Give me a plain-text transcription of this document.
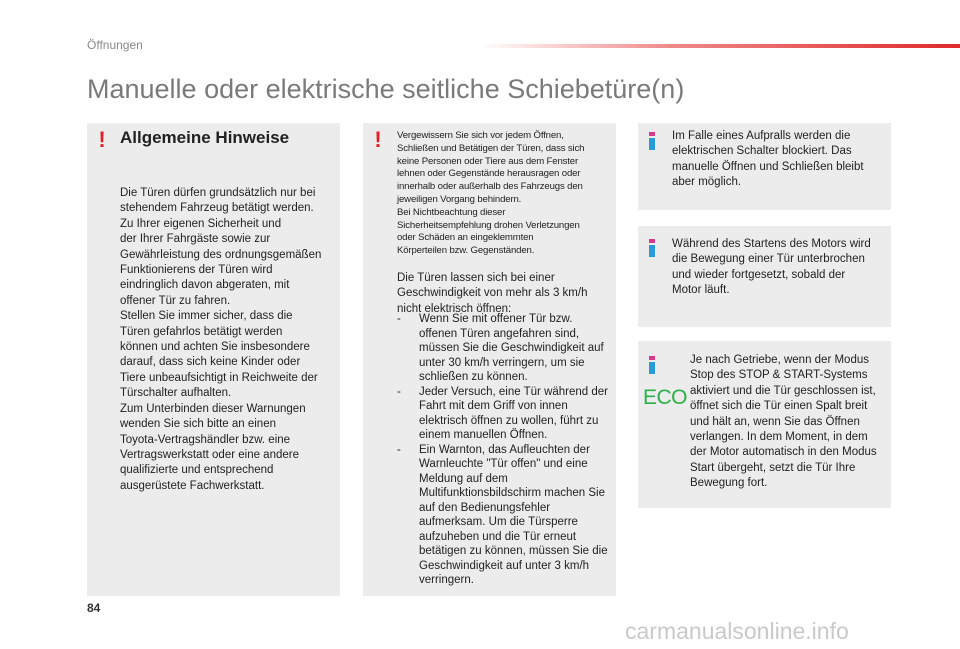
Öffnungen
Manuelle oder elektrische seitliche Schiebetüre(n)
! Allgemeine Hinweise

Die Türen dürfen grundsätzlich nur bei
stehendem Fahrzeug betätigt werden.
Zu Ihrer eigenen Sicherheit und
der Ihrer Fahrgäste sowie zur
Gewährleistung des ordnungsgemäßen
Funktionierens der Türen wird
eindringlich davon abgeraten, mit
offener Tür zu fahren.
Stellen Sie immer sicher, dass die
Türen gefahrlos betätigt werden
können und achten Sie insbesondere
darauf, dass sich keine Kinder oder
Tiere unbeaufsichtigt in Reichweite der
Türschalter aufhalten.
Zum Unterbinden dieser Warnungen
wenden Sie sich bitte an einen
Toyota-Vertragshändler bzw. eine
Vertragswerkstatt oder eine andere
qualifizierte und entsprechend
ausgerüstete Fachwerkstatt.

! Vergewissern Sie sich vor jedem Öffnen,
Schließen und Betätigen der Türen, dass sich
keine Personen oder Tiere aus dem Fenster
lehnen oder Gegenstände herausragen oder
innerhalb oder außerhalb des Fahrzeugs den
jeweiligen Vorgang behindern.
Bei Nichtbeachtung dieser
Sicherheitsempfehlung drohen Verletzungen
oder Schäden an eingeklemmten
Körperteilen bzw. Gegenständen.

Die Türen lassen sich bei einer
Geschwindigkeit von mehr als 3 km/h
nicht elektrisch öffnen:

- Wenn Sie mit offener Tür bzw. offenen Türen angefahren sind, müssen Sie die Geschwindigkeit auf unter 30 km/h verringern, um sie schließen zu können.
- Jeder Versuch, eine Tür während der Fahrt mit dem Griff von innen elektrisch öffnen zu wollen, führt zu einem manuellen Öffnen.
- Ein Warnton, das Aufleuchten der Warnleuchte "Tür offen" und eine Meldung auf dem Multifunktionsbildschirm machen Sie auf den Bedienungsfehler aufmerksam. Um die Türsperre aufzuheben und die Tür erneut betätigen zu können, müssen Sie die Geschwindigkeit auf unter 3 km/h verringern.

Im Falle eines Aufpralls werden die
elektrischen Schalter blockiert. Das
manuelle Öffnen und Schließen bleibt
aber möglich.

Während des Startens des Motors wird
die Bewegung einer Tür unterbrochen
und wieder fortgesetzt, sobald der
Motor läuft.

ECO

Je nach Getriebe, wenn der Modus
Stop des STOP & START-Systems
aktiviert und die Tür geschlossen ist,
öffnet sich die Tür einen Spalt breit
und hält an, wenn Sie das Öffnen
verlangen. In dem Moment, in dem
der Motor automatisch in den Modus
Start übergeht, setzt die Tür Ihre
Bewegung fort.

84
carmanualsonline.info
